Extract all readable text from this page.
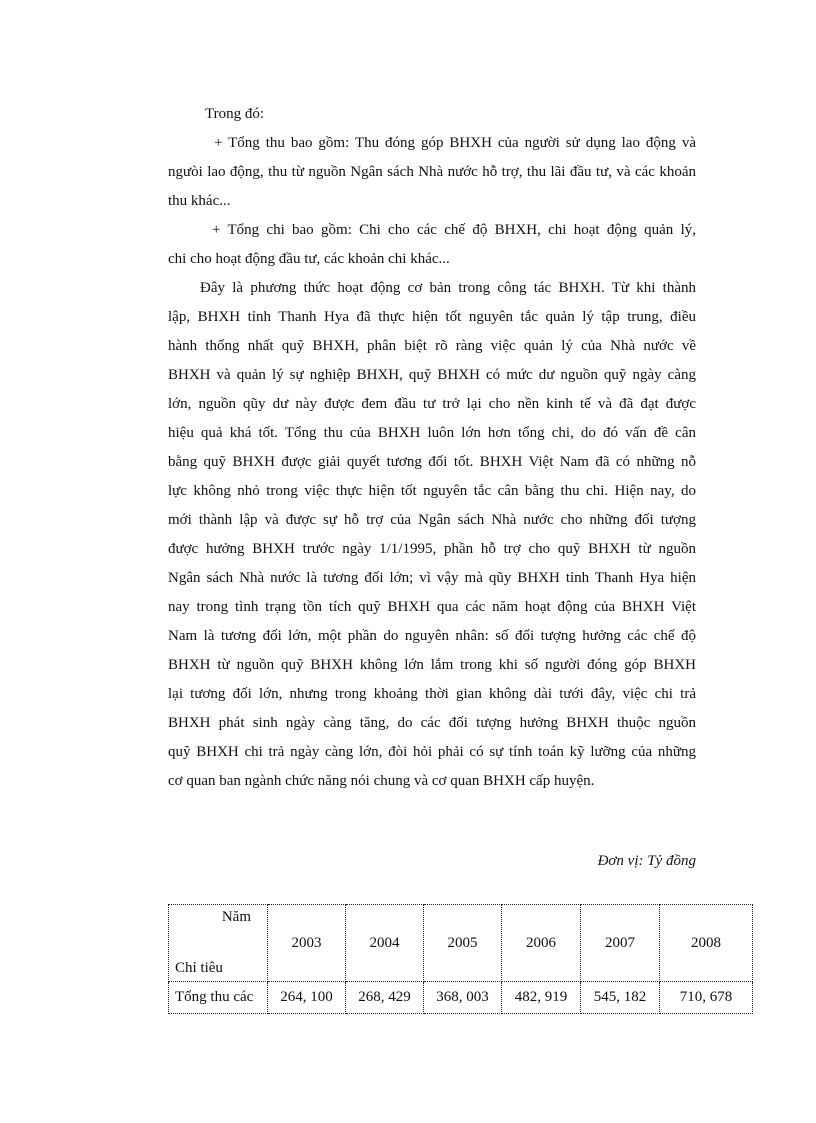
Trong đó:
+ Tổng thu bao gồm: Thu đóng góp BHXH của người sử dụng lao động và
ngưòi lao động, thu từ nguồn Ngân sách Nhà nước hỗ trợ, thu lãi đầu tư, và các khoản
thu khác...
+ Tổng chi bao gồm: Chi cho các chế độ BHXH, chi hoạt động quản lý,
chi cho hoạt động đầu tư, các khoản chi khác...
Đây là phương thức hoạt động cơ bản trong công tác BHXH. Từ khi thành
lập, BHXH tỉnh Thanh Hya đã thực hiện tốt nguyên tắc quản lý tập trung, điều
hành thống nhất quỹ BHXH, phân biệt rõ ràng việc quản lý của Nhà nước về
BHXH và quản lý sự nghiệp BHXH, quỹ BHXH có mức dư nguồn quỹ ngày càng
lớn, nguồn qũy dư này được đem đầu tư trở lại cho nền kinh tế và đã đạt được
hiệu quả khá tốt. Tổng thu của BHXH luôn lớn hơn tổng chi, do đó vấn đề cân
bằng quỹ BHXH được giải quyết tương đối tốt. BHXH Việt Nam đã có những nỗ
lực không nhỏ trong việc thực hiện tốt nguyên tắc cân bằng thu chi. Hiện nay, do
mới thành lập và được sự hỗ trợ của Ngân sách Nhà nước cho những đối tượng
được hưởng BHXH trước ngày 1/1/1995, phần hỗ trợ cho quỹ BHXH từ nguồn
Ngân sách Nhà nước là tương đối lớn; vì vậy mà qũy BHXH tỉnh Thanh Hya hiện
nay trong tình trạng tồn tích quỹ BHXH qua các năm hoạt động của BHXH Việt
Nam là tương đối lớn, một phần do nguyên nhân: số đối tượng hưởng các chế độ
BHXH từ nguồn quỹ BHXH không lớn lắm trong khi số người đóng góp BHXH
lại tương đối lớn, nhưng trong khoảng thời gian không dài tưới đây, việc chi trả
BHXH phát sinh ngày càng tăng, do các đối tượng hưởng BHXH thuộc nguồn
quỹ BHXH chi trả ngày càng lớn, đòi hỏi phải có sự tính toán kỹ lưỡng của những
cơ quan ban ngành chức năng nói chung và cơ quan BHXH cấp huyện.
Đơn vị: Tỷ đồng
Năm
Chỉ tiêu	2003	2004	2005	2006	2007	2008
Tổng thu các	264, 100	268, 429	368, 003	482, 919	545, 182	710, 678
